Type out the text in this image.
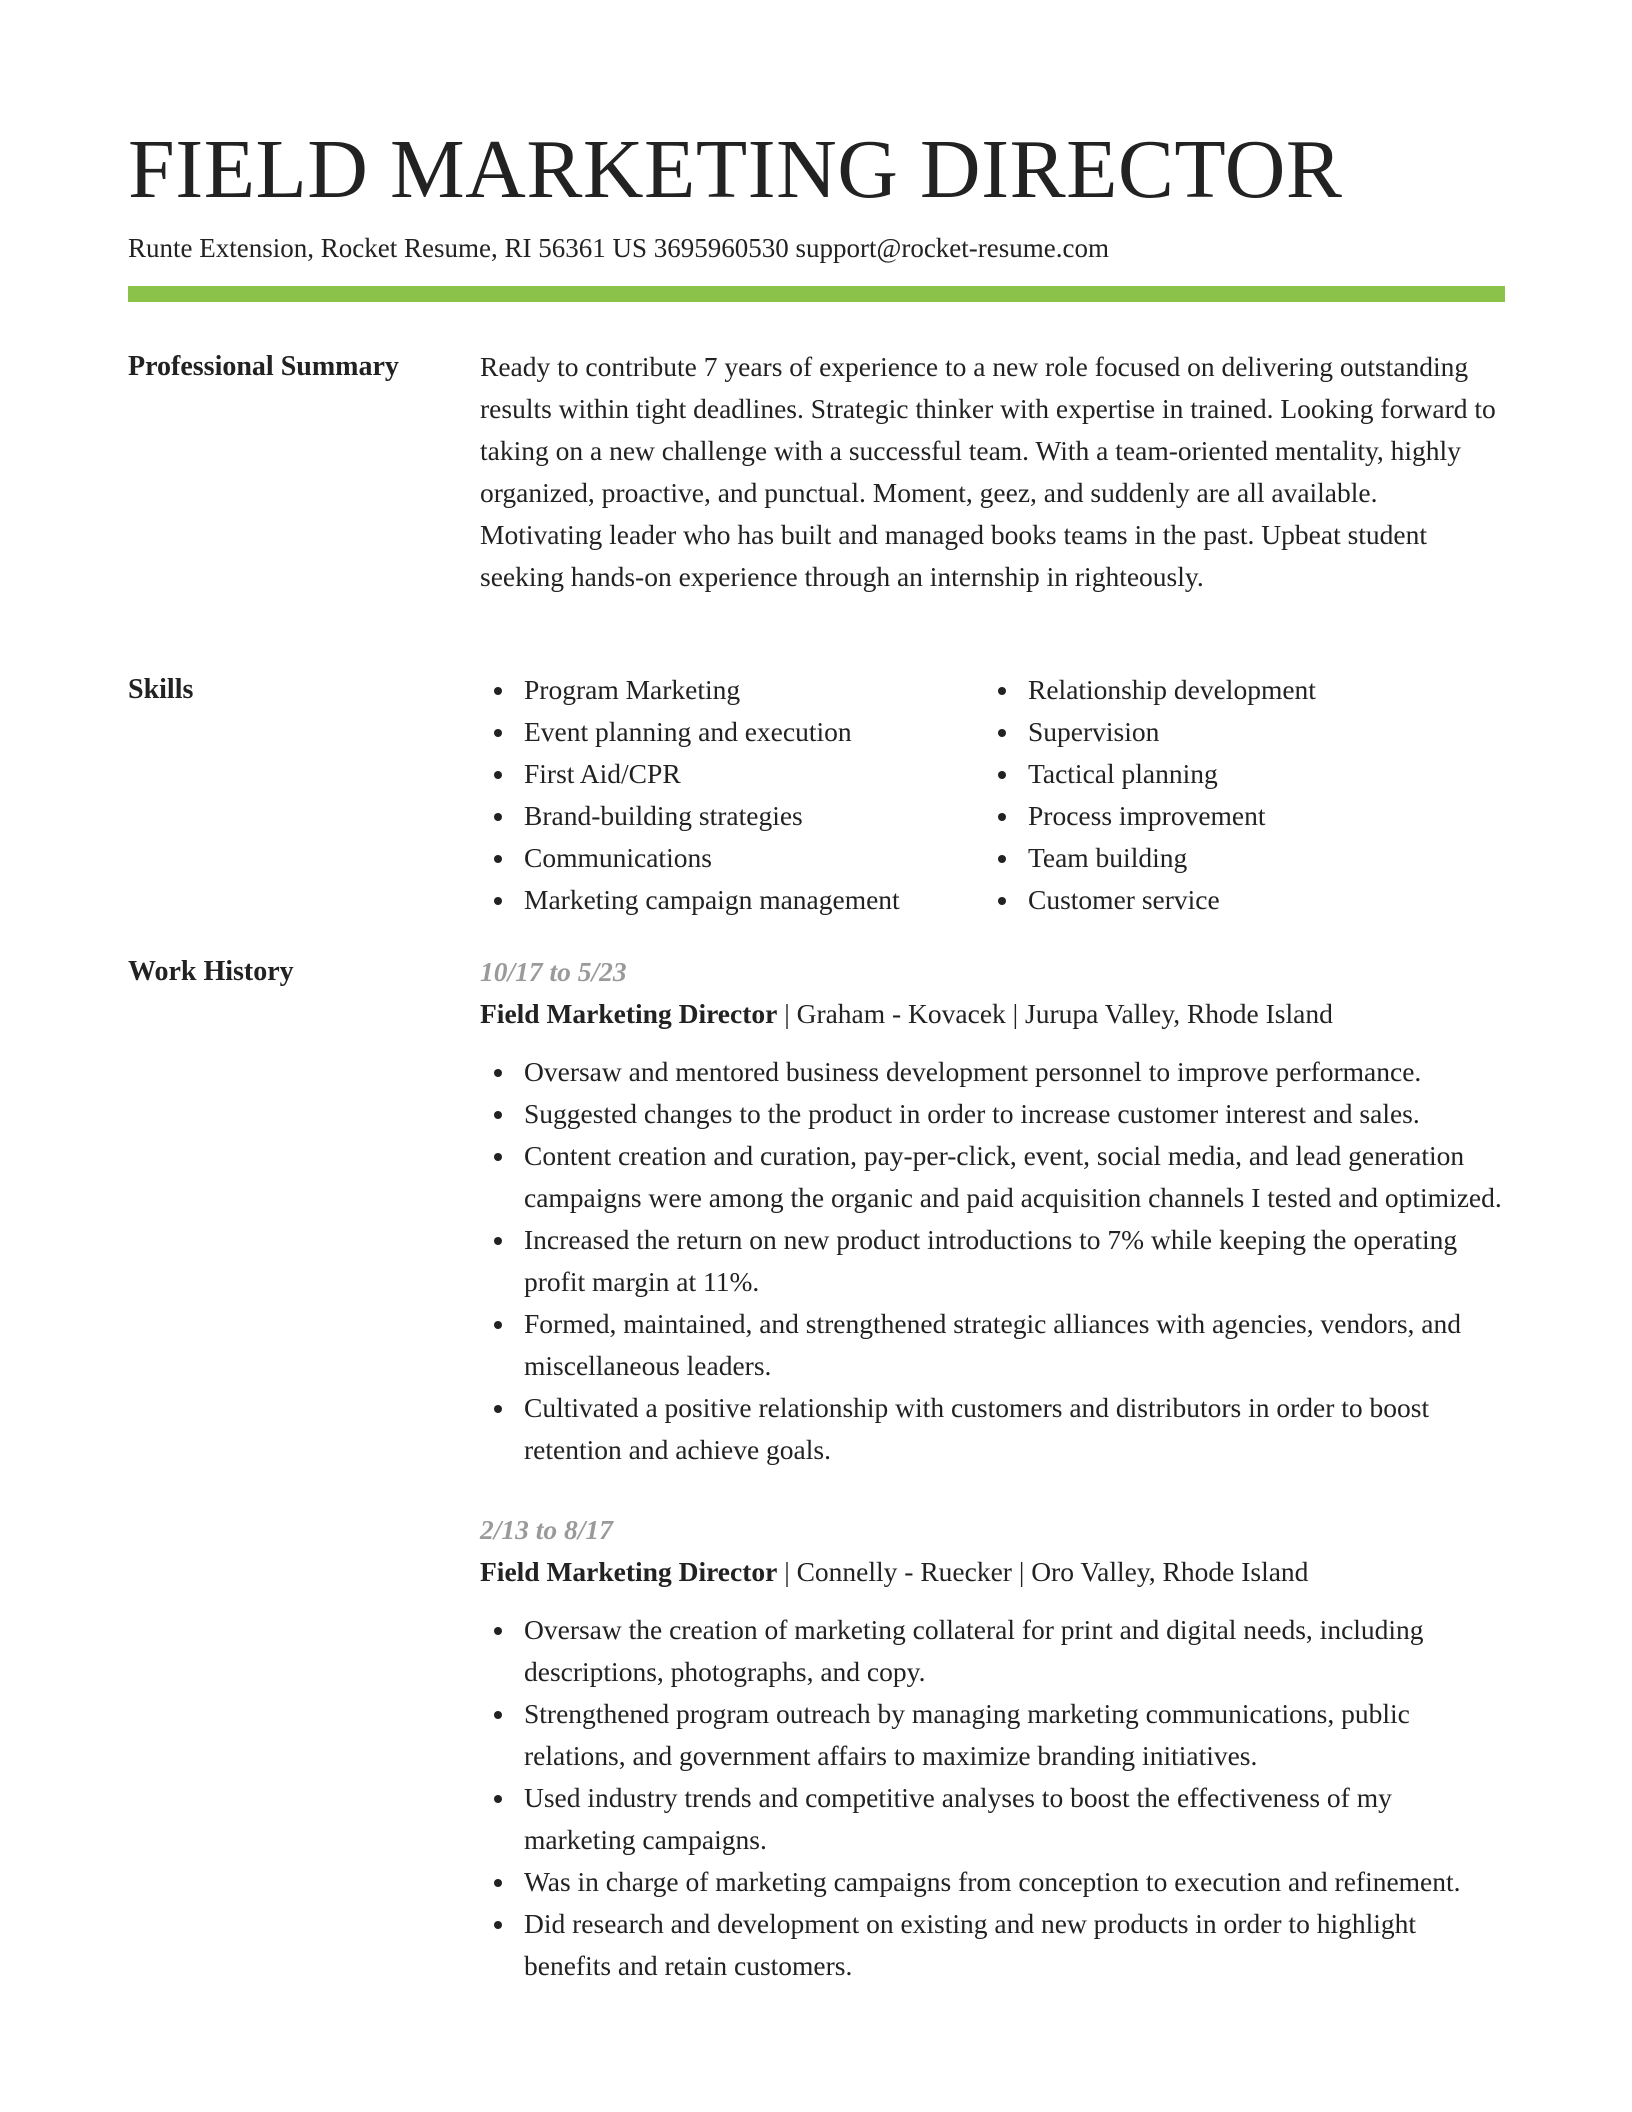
FIELD MARKETING DIRECTOR
Runte Extension, Rocket Resume, RI 56361 US 3695960530 support@rocket-resume.com
Professional Summary	Ready to contribute 7 years of experience to a new role focused on delivering outstanding results within tight deadlines. Strategic thinker with expertise in trained. Looking forward to taking on a new challenge with a successful team. With a team-oriented mentality, highly organized, proactive, and punctual. Moment, geez, and suddenly are all available. Motivating leader who has built and managed books teams in the past. Upbeat student seeking hands-on experience through an internship in righteously.

Skills	Program Marketing
Event planning and execution
First Aid/CPR
Brand-building strategies
Communications
Marketing campaign management
Relationship development
Supervision
Tactical planning
Process improvement
Team building
Customer service
Work History	10/17 to 5/23
Field Marketing Director | Graham - Kovacek | Jurupa Valley, Rhode Island
Oversaw and mentored business development personnel to improve performance.
Suggested changes to the product in order to increase customer interest and sales.
Content creation and curation, pay-per-click, event, social media, and lead generation campaigns were among the organic and paid acquisition channels I tested and optimized.
Increased the return on new product introductions to 7% while keeping the operating profit margin at 11%.
Formed, maintained, and strengthened strategic alliances with agencies, vendors, and miscellaneous leaders.
Cultivated a positive relationship with customers and distributors in order to boost retention and achieve goals.
2/13 to 8/17
Field Marketing Director | Connelly - Ruecker | Oro Valley, Rhode Island
Oversaw the creation of marketing collateral for print and digital needs, including descriptions, photographs, and copy.
Strengthened program outreach by managing marketing communications, public relations, and government affairs to maximize branding initiatives.
Used industry trends and competitive analyses to boost the effectiveness of my marketing campaigns.
Was in charge of marketing campaigns from conception to execution and refinement.
Did research and development on existing and new products in order to highlight benefits and retain customers.
